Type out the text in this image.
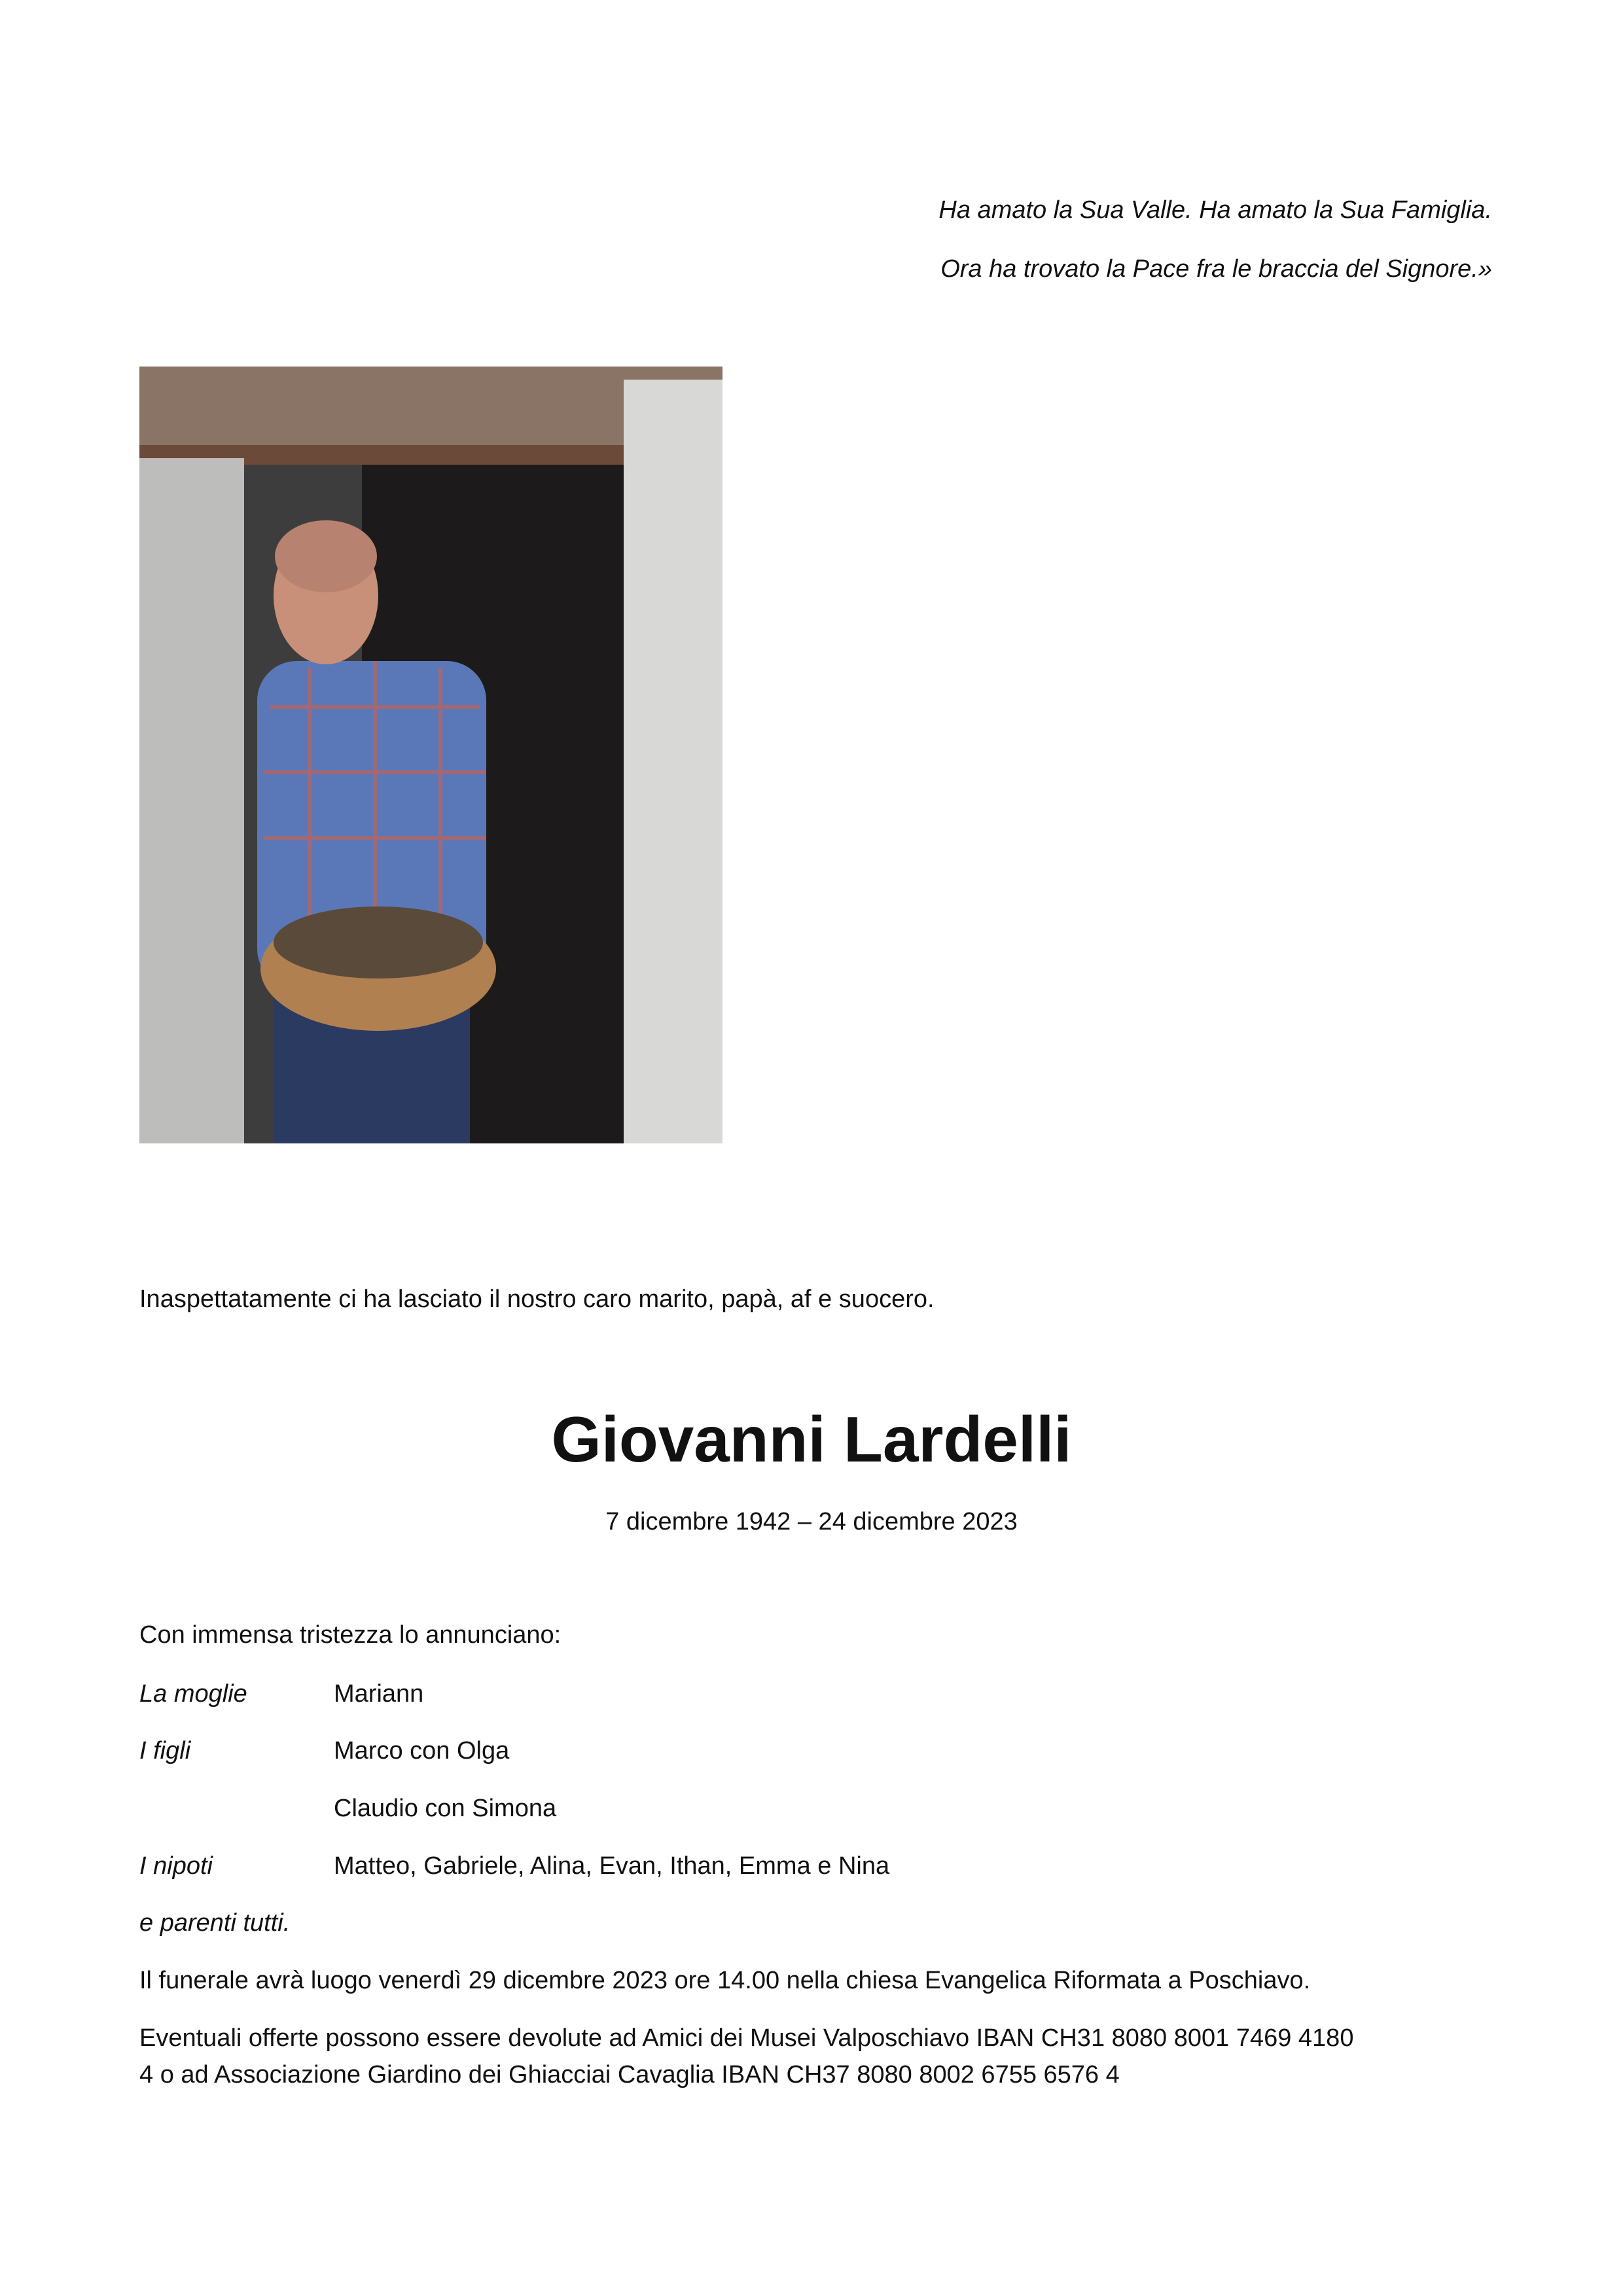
Ha amato la Sua Valle. Ha amato la Sua Famiglia.
Ora ha trovato la Pace fra le braccia del Signore.»
Inaspettatamente ci ha lasciato il nostro caro marito, papà, af e suocero.
Giovanni Lardelli
7 dicembre 1942 – 24 dicembre 2023
Con immensa tristezza lo annunciano:
La moglie	Mariann
I figli	Marco con Olga
Claudio con Simona
I nipoti	Matteo, Gabriele, Alina, Evan, Ithan, Emma e Nina
e parenti tutti.
Il funerale avrà luogo venerdì 29 dicembre 2023 ore 14.00 nella chiesa Evangelica Riformata a Poschiavo.
Eventuali offerte possono essere devolute ad Amici dei Musei Valposchiavo IBAN CH31 8080 8001 7469 4180
4 o ad Associazione Giardino dei Ghiacciai Cavaglia IBAN CH37 8080 8002 6755 6576 4
